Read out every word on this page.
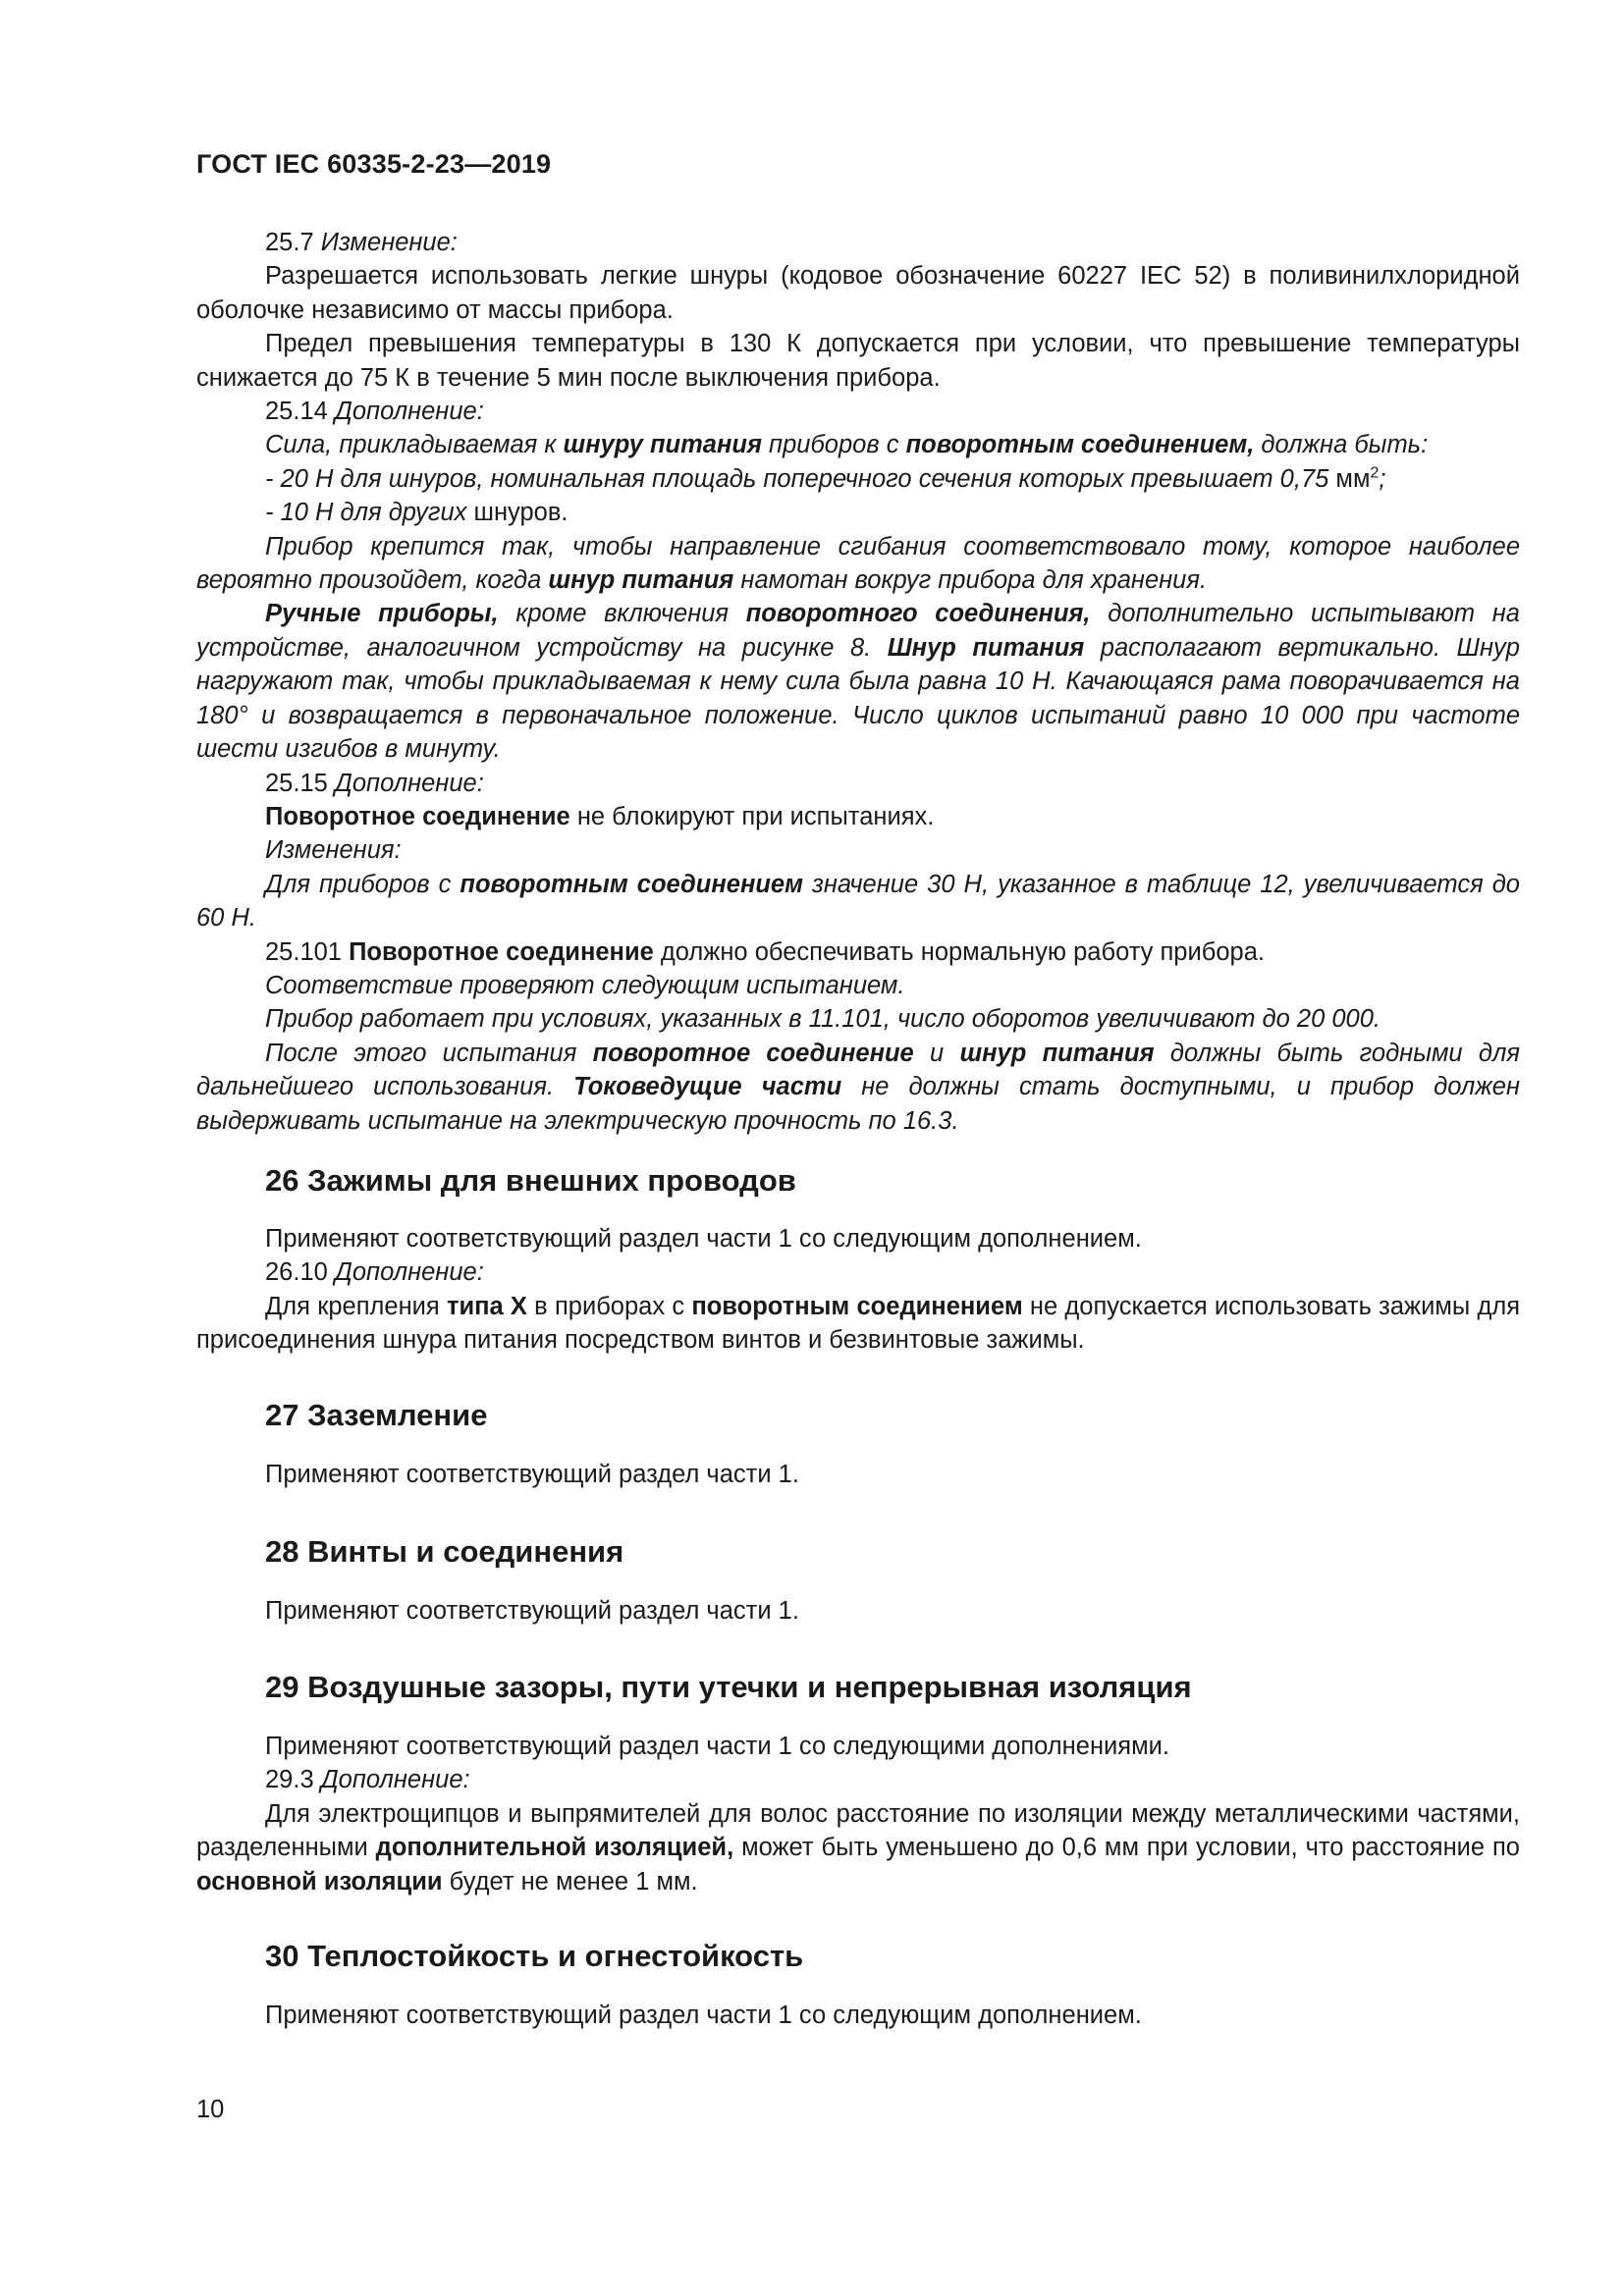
ГОСТ IEC 60335-2-23—2019

25.7 Изменение:

Разрешается использовать легкие шнуры (кодовое обозначение 60227 IEC 52) в поливинилхлоридной оболочке независимо от массы прибора.

Предел превышения температуры в 130 К допускается при условии, что превышение температуры снижается до 75 К в течение 5 мин после выключения прибора.

25.14 Дополнение:

Сила, прикладываемая к шнуру питания приборов с поворотным соединением, должна быть:

- 20 Н для шнуров, номинальная площадь поперечного сечения которых превышает 0,75 $мм^2$;

- 10 Н для других шнуров.

Прибор крепится так, чтобы направление сгибания соответствовало тому, которое наиболее вероятно произойдет, когда шнур питания намотан вокруг прибора для хранения.

Ручные приборы, кроме включения поворотного соединения, дополнительно испытывают на устройстве, аналогичном устройству на рисунке 8. Шнур питания располагают вертикально. Шнур нагружают так, чтобы прикладываемая к нему сила была равна 10 Н. Качающаяся рама поворачивается на 180° и возвращается в первоначальное положение. Число циклов испытаний равно 10 000 при частоте шести изгибов в минуту.

25.15 Дополнение:

Поворотное соединение не блокируют при испытаниях.

Изменения:

Для приборов с поворотным соединением значение 30 Н, указанное в таблице 12, увеличивается до 60 Н.

25.101 Поворотное соединение должно обеспечивать нормальную работу прибора.

Соответствие проверяют следующим испытанием.

Прибор работает при условиях, указанных в 11.101, число оборотов увеличивают до 20 000.

После этого испытания поворотное соединение и шнур питания должны быть годными для дальнейшего использования. Токоведущие части не должны стать доступными, и прибор должен выдерживать испытание на электрическую прочность по 16.3.

26 Зажимы для внешних проводов

Применяют соответствующий раздел части 1 со следующим дополнением.

26.10 Дополнение:

Для крепления типа Х в приборах с поворотным соединением не допускается использовать зажимы для присоединения шнура питания посредством винтов и безвинтовые зажимы.

27 Заземление

Применяют соответствующий раздел части 1.

28 Винты и соединения

Применяют соответствующий раздел части 1.

29 Воздушные зазоры, пути утечки и непрерывная изоляция

Применяют соответствующий раздел части 1 со следующими дополнениями.

29.3 Дополнение:

Для электрощипцов и выпрямителей для волос расстояние по изоляции между металлическими частями, разделенными дополнительной изоляцией, может быть уменьшено до 0,6 мм при условии, что расстояние по основной изоляции будет не менее 1 мм.

30 Теплостойкость и огнестойкость

Применяют соответствующий раздел части 1 со следующим дополнением.

10
